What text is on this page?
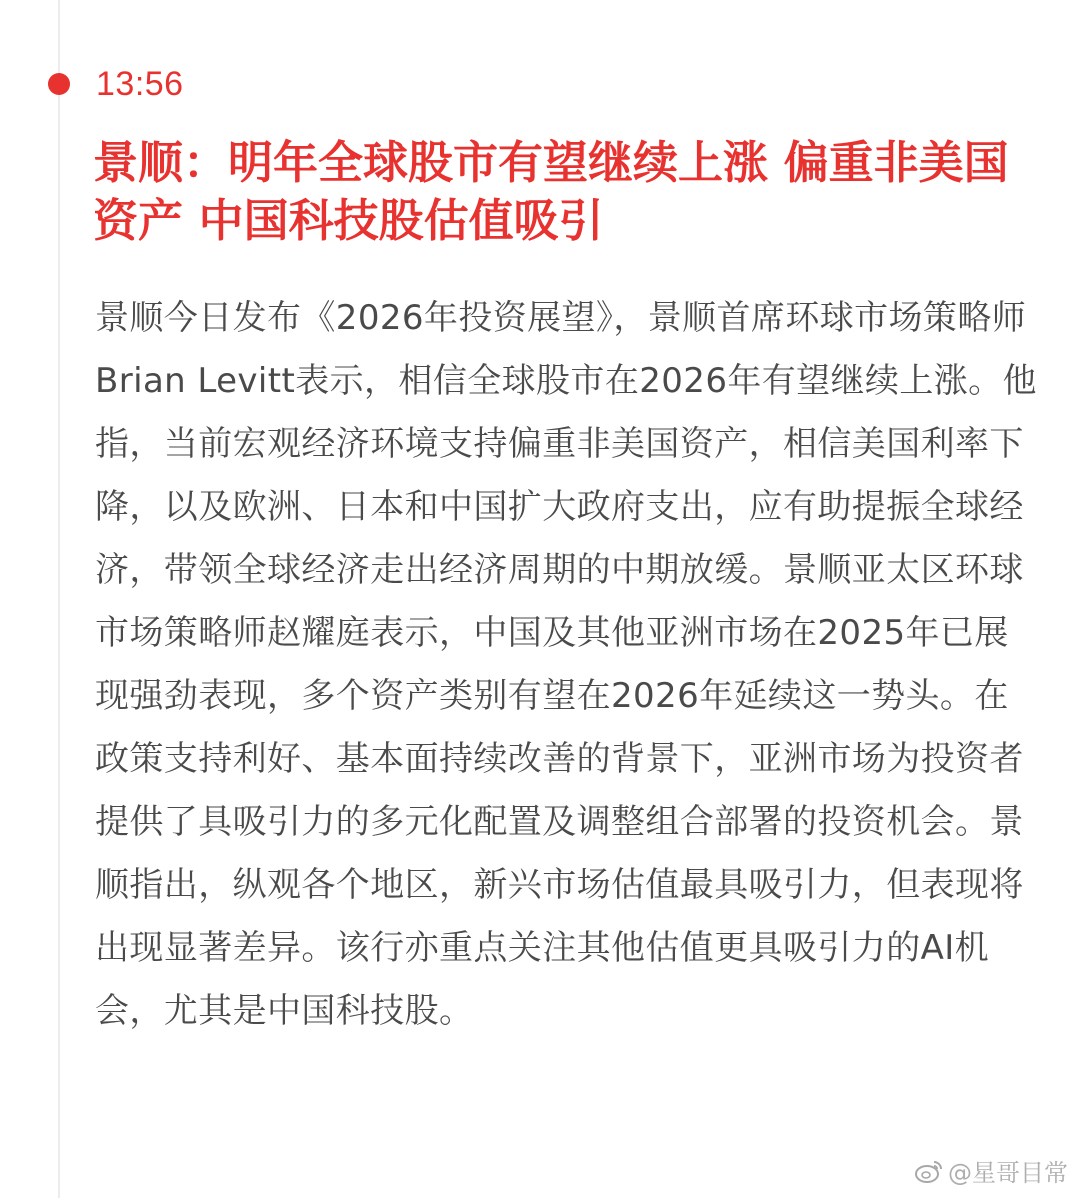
13:56
景顺：明年全球股市有望继续上涨 偏重非美国资产 中国科技股估值吸引

景顺今日发布《2026年投资展望》，景顺首席环球市场策略师Brian Levitt表示，相信全球股市在2026年有望继续上涨。他指，当前宏观经济环境支持偏重非美国资产，相信美国利率下降，以及欧洲、日本和中国扩大政府支出，应有助提振全球经济，带领全球经济走出经济周期的中期放缓。景顺亚太区环球市场策略师赵耀庭表示，中国及其他亚洲市场在2025年已展现强劲表现，多个资产类别有望在2026年延续这一势头。在政策支持利好、基本面持续改善的背景下，亚洲市场为投资者提供了具吸引力的多元化配置及调整组合部署的投资机会。景顺指出，纵观各个地区，新兴市场估值最具吸引力，但表现将出现显著差异。该行亦重点关注其他估值更具吸引力的AI机会，尤其是中国科技股。

@星哥目常
